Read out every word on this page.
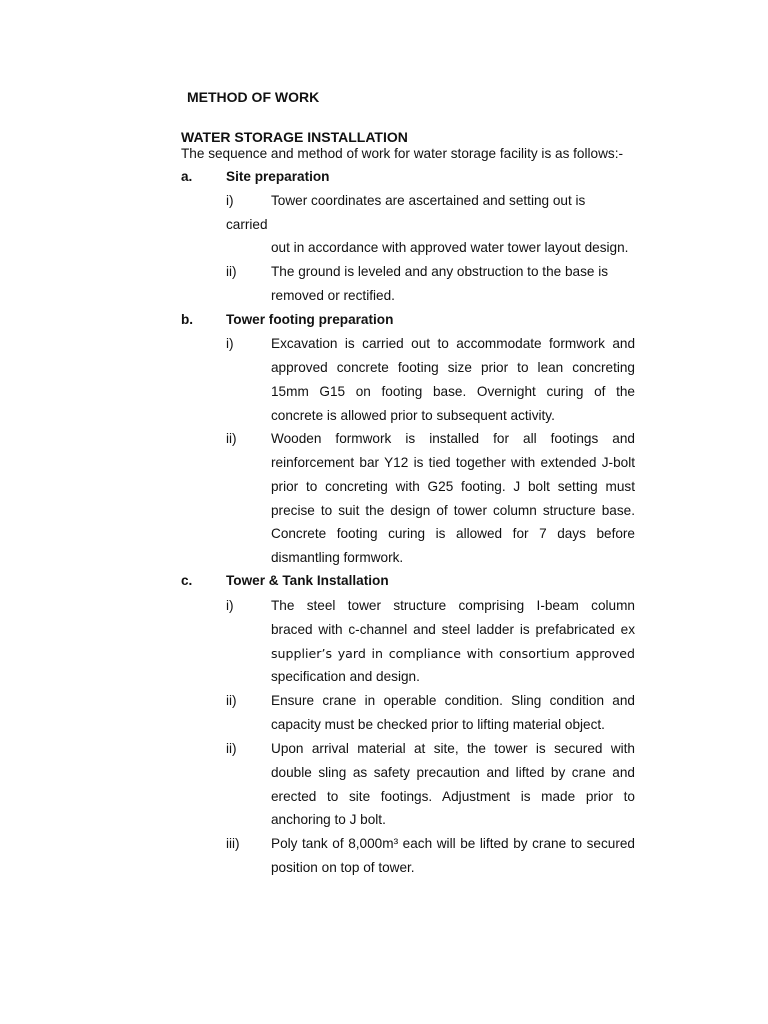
METHOD OF WORK
WATER STORAGE INSTALLATION
The sequence and method of work for water storage facility is as follows:-
a. Site preparation
i)	Tower coordinates are ascertained and setting out is
carried
out in accordance with approved water tower layout design.
ii)	The ground is leveled and any obstruction to the base is
removed or rectified.
b. Tower footing preparation
i)	Excavation is carried out to accommodate formwork and
approved concrete footing size prior to lean concreting
15mm G15 on footing base. Overnight curing of the
concrete is allowed prior to subsequent activity.
ii)	Wooden formwork is installed for all footings and
reinforcement bar Y12 is tied together with extended J-bolt
prior to concreting with G25 footing. J bolt setting must
precise to suit the design of tower column structure base.
Concrete footing curing is allowed for 7 days before
dismantling formwork.
c. Tower & Tank Installation
i)	The steel tower structure comprising I-beam column
braced with c-channel and steel ladder is prefabricated ex
supplier’s yard in compliance with consortium approved
specification and design.
ii)	Ensure crane in operable condition. Sling condition and
capacity must be checked prior to lifting material object.
ii)	Upon arrival material at site, the tower is secured with
double sling as safety precaution and lifted by crane and
erected to site footings. Adjustment is made prior to
anchoring to J bolt.
iii) Poly tank of 8,000m³ each will be lifted by crane to secured
position on top of tower.
